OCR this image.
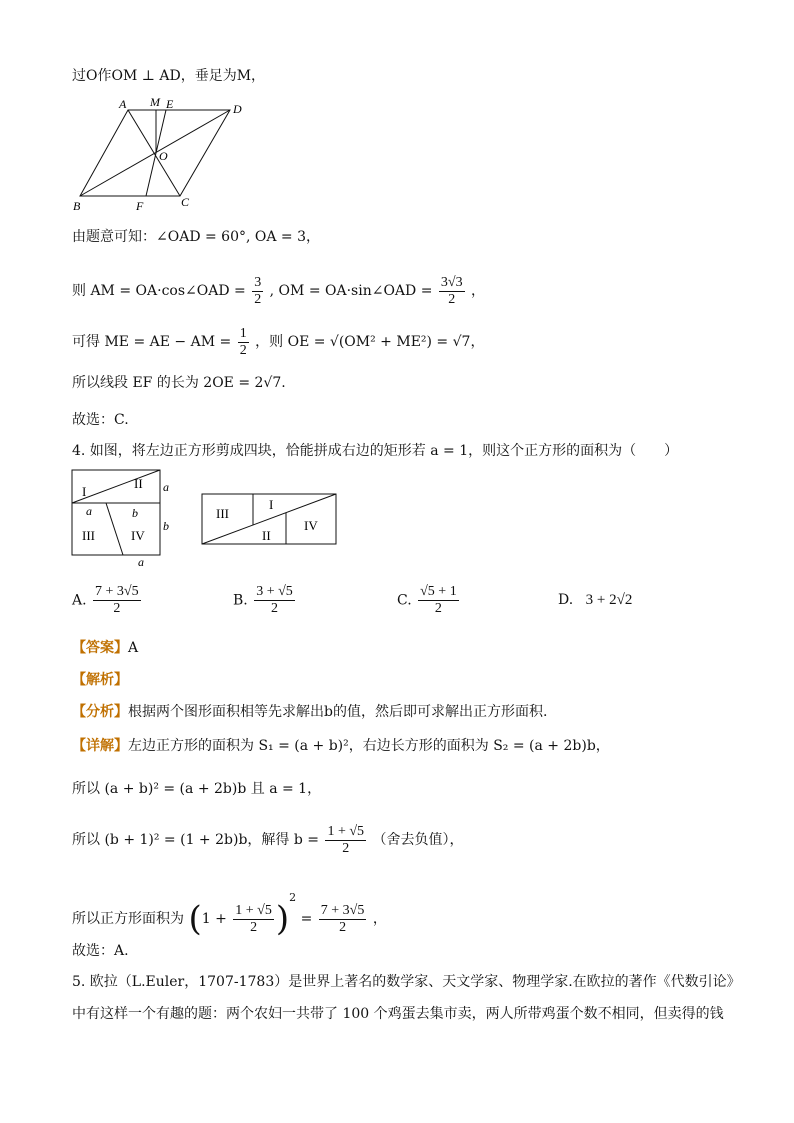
过O作OM ⊥ AD，垂足为M，
A M E	D
O
B	F	C
由题意可知：∠OAD = 60°, OA = 3，
则 AM = OA·cos∠OAD = $\frac{3}{2}$ , OM = OA·sin∠OAD = $\frac{3√3}{2}$ ，
可得 ME = AE − AM = $\frac{1}{2}$ ，则 OE = √(OM² + ME²) = √7，
所以线段 EF 的长为 2OE = 2√7.
故选：C.
4. 如图，将左边正方形剪成四块，恰能拼成右边的矩形若 a = 1，则这个正方形的面积为（　　）
I
II
III	IV
a	b
a
b
a
III
I
II
IV
A. $\frac{7 + 3√5}{2}$	B. $\frac{3 + √5}{2}$	C. $\frac{√5 + 1}{2}$	D. 3 + 2√2
【答案】A
【解析】
【分析】根据两个图形面积相等先求解出b的值，然后即可求解出正方形面积.
【详解】左边正方形的面积为 S₁ = (a + b)²，右边长方形的面积为 S₂ = (a + 2b)b，
所以 (a + b)² = (a + 2b)b 且 a = 1，
所以 (b + 1)² = (1 + 2b)b，解得 $b = \frac{1 + √5}{2}$ （舍去负值），
所以正方形面积为 $(1 + \frac{1 + √5}{2} )^2 = \frac{7 + 3√5}{2}$ ，
故选：A.
5. 欧拉（L.Euler，1707-1783）是世界上著名的数学家、天文学家、物理学家.在欧拉的著作《代数引论》
中有这样一个有趣的题：两个农妇一共带了 100 个鸡蛋去集市卖，两人所带鸡蛋个数不相同，但卖得的钱
